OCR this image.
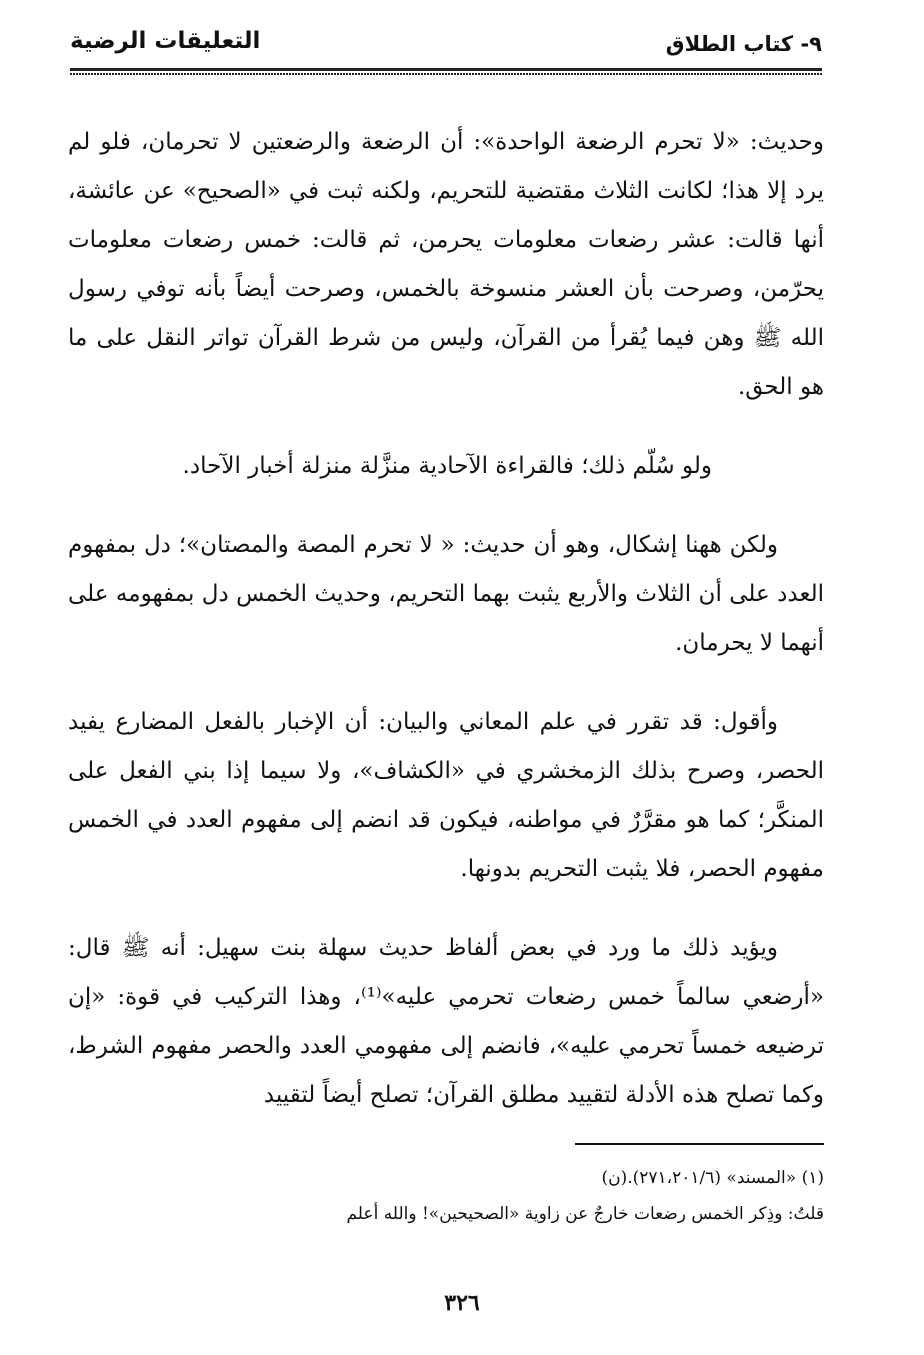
٩- كتاب الطلاق
التعليقات الرضية

وحديث: «لا تحرم الرضعة الواحدة»: أن الرضعة والرضعتين لا تحرمان، فلو لم يرد إلا هذا؛ لكانت الثلاث مقتضية للتحريم، ولكنه ثبت في «الصحيح» عن عائشة، أنها قالت: عشر رضعات معلومات يحرمن، ثم قالت: خمس رضعات معلومات يحرّمن، وصرحت بأن العشر منسوخة بالخمس، وصرحت أيضاً بأنه توفي رسول الله ﷺ وهن فيما يُقرأ من القرآن، وليس من شرط القرآن تواتر النقل على ما هو الحق.

ولو سُلّم ذلك؛ فالقراءة الآحادية منزَّلة منزلة أخبار الآحاد.

ولكن ههنا إشكال، وهو أن حديث: « لا تحرم المصة والمصتان»؛ دل بمفهوم العدد على أن الثلاث والأربع يثبت بهما التحريم، وحديث الخمس دل بمفهومه على أنهما لا يحرمان.

وأقول: قد تقرر في علم المعاني والبيان: أن الإخبار بالفعل المضارع يفيد الحصر، وصرح بذلك الزمخشري في «الكشاف»، ولا سيما إذا بني الفعل على المنكَّر؛ كما هو مقرَّرٌ في مواطنه، فيكون قد انضم إلى مفهوم العدد في الخمس مفهوم الحصر، فلا يثبت التحريم بدونها.

ويؤيد ذلك ما ورد في بعض ألفاظ حديث سهلة بنت سهيل: أنه ﷺ قال: «أرضعي سالماً خمس رضعات تحرمي عليه»⁽¹⁾، وهذا التركيب في قوة: «إن ترضيعه خمساً تحرمي عليه»، فانضم إلى مفهومي العدد والحصر مفهوم الشرط، وكما تصلح هذه الأدلة لتقييد مطلق القرآن؛ تصلح أيضاً لتقييد

(١) «المسند» (٢٧١،٢٠١/٦).(ن)

قلتُ: وذِكر الخمس رضعات خارجٌ عن زاوية «الصحيحين»! والله أعلم

٣٢٦
